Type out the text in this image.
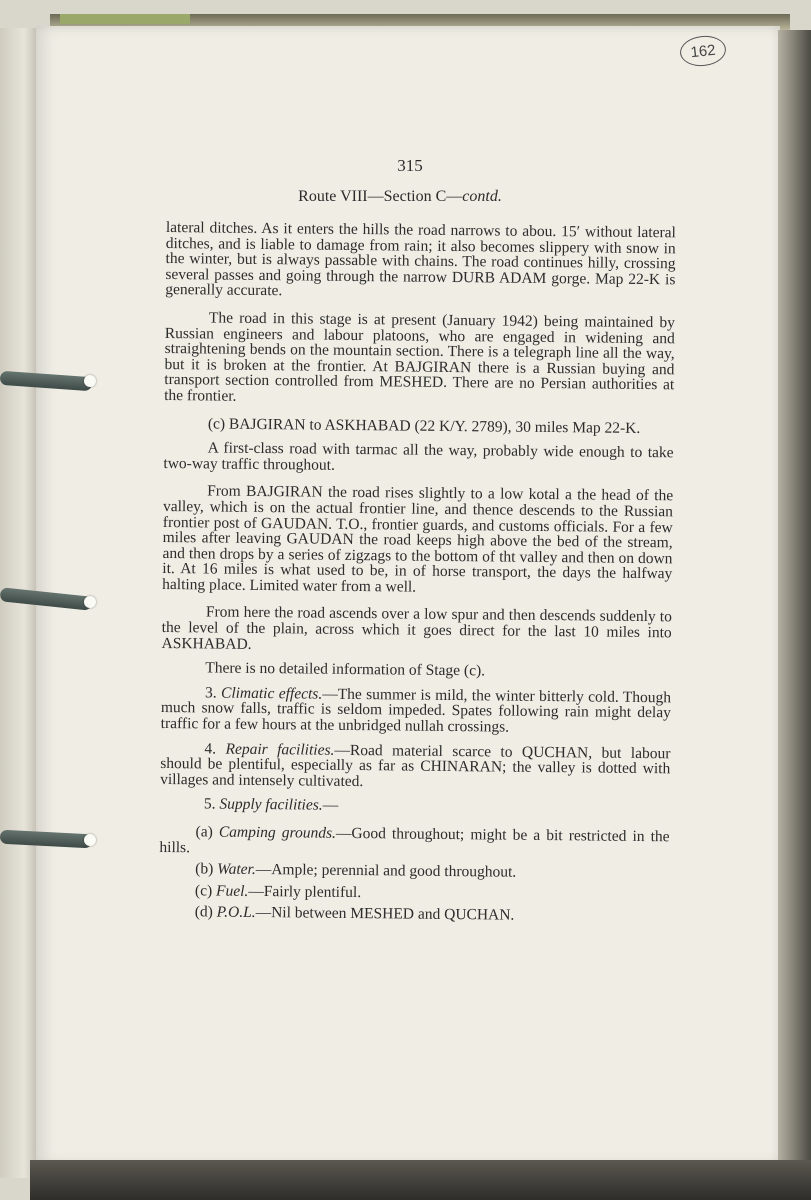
162
315
Route VIII—Section C—contd.

lateral ditches. As it enters the hills the road narrows to abou. 15′ without lateral ditches, and is liable to damage from rain; it also becomes slippery with snow in the winter, but is always passable with chains. The road continues hilly, crossing several passes and going through the narrow DURB ADAM gorge. Map 22-K is generally accurate.

The road in this stage is at present (January 1942) being maintained by Russian engineers and labour platoons, who are engaged in widening and straightening bends on the mountain section. There is a telegraph line all the way, but it is broken at the frontier. At BAJGIRAN there is a Russian buying and transport section controlled from MESHED. There are no Persian authorities at the frontier.

(c) BAJGIRAN to ASKHABAD (22 K/Y. 2789), 30 miles Map 22-K.

A first-class road with tarmac all the way, probably wide enough to take two-way traffic throughout.

From BAJGIRAN the road rises slightly to a low kotal a the head of the valley, which is on the actual frontier line, and thence descends to the Russian frontier post of GAUDAN. T.O., frontier guards, and customs officials. For a few miles after leaving GAUDAN the road keeps high above the bed of the stream, and then drops by a series of zigzags to the bottom of tht valley and then on down it. At 16 miles is what used to be, in of horse transport, the days the halfway halting place. Limited water from a well.

From here the road ascends over a low spur and then descends suddenly to the level of the plain, across which it goes direct for the last 10 miles into ASKHABAD.

There is no detailed information of Stage (c).

3. Climatic effects.—The summer is mild, the winter bitterly cold. Though much snow falls, traffic is seldom impeded. Spates following rain might delay traffic for a few hours at the unbridged nullah crossings.

4. Repair facilities.—Road material scarce to QUCHAN, but labour should be plentiful, especially as far as CHINARAN; the valley is dotted with villages and intensely cultivated.

5. Supply facilities.—

(a) Camping grounds.—Good throughout; might be a bit restricted in the hills.

(b) Water.—Ample; perennial and good throughout.

(c) Fuel.—Fairly plentiful.

(d) P.O.L.—Nil between MESHED and QUCHAN.
